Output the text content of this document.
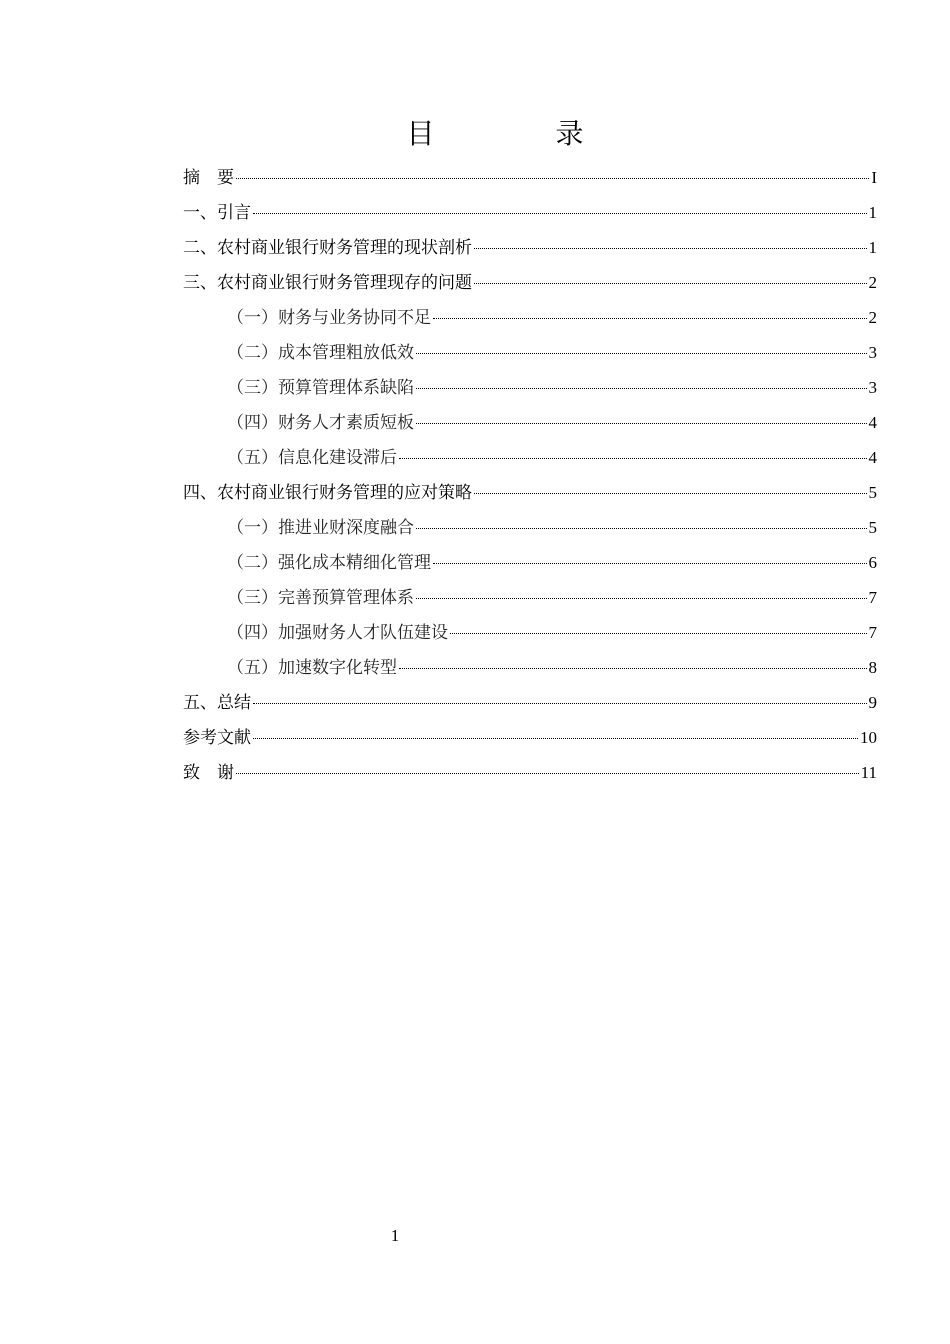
目 录
摘　要	I
一、引言	1
二、农村商业银行财务管理的现状剖析	1
三、农村商业银行财务管理现存的问题	2
（一）财务与业务协同不足	2
（二）成本管理粗放低效	3
（三）预算管理体系缺陷	3
（四）财务人才素质短板	4
（五）信息化建设滞后	4
四、农村商业银行财务管理的应对策略	5
（一）推进业财深度融合	5
（二）强化成本精细化管理	6
（三）完善预算管理体系	7
（四）加强财务人才队伍建设	7
（五）加速数字化转型	8
五、总结	9
参考文献	10
致　谢	11
1
